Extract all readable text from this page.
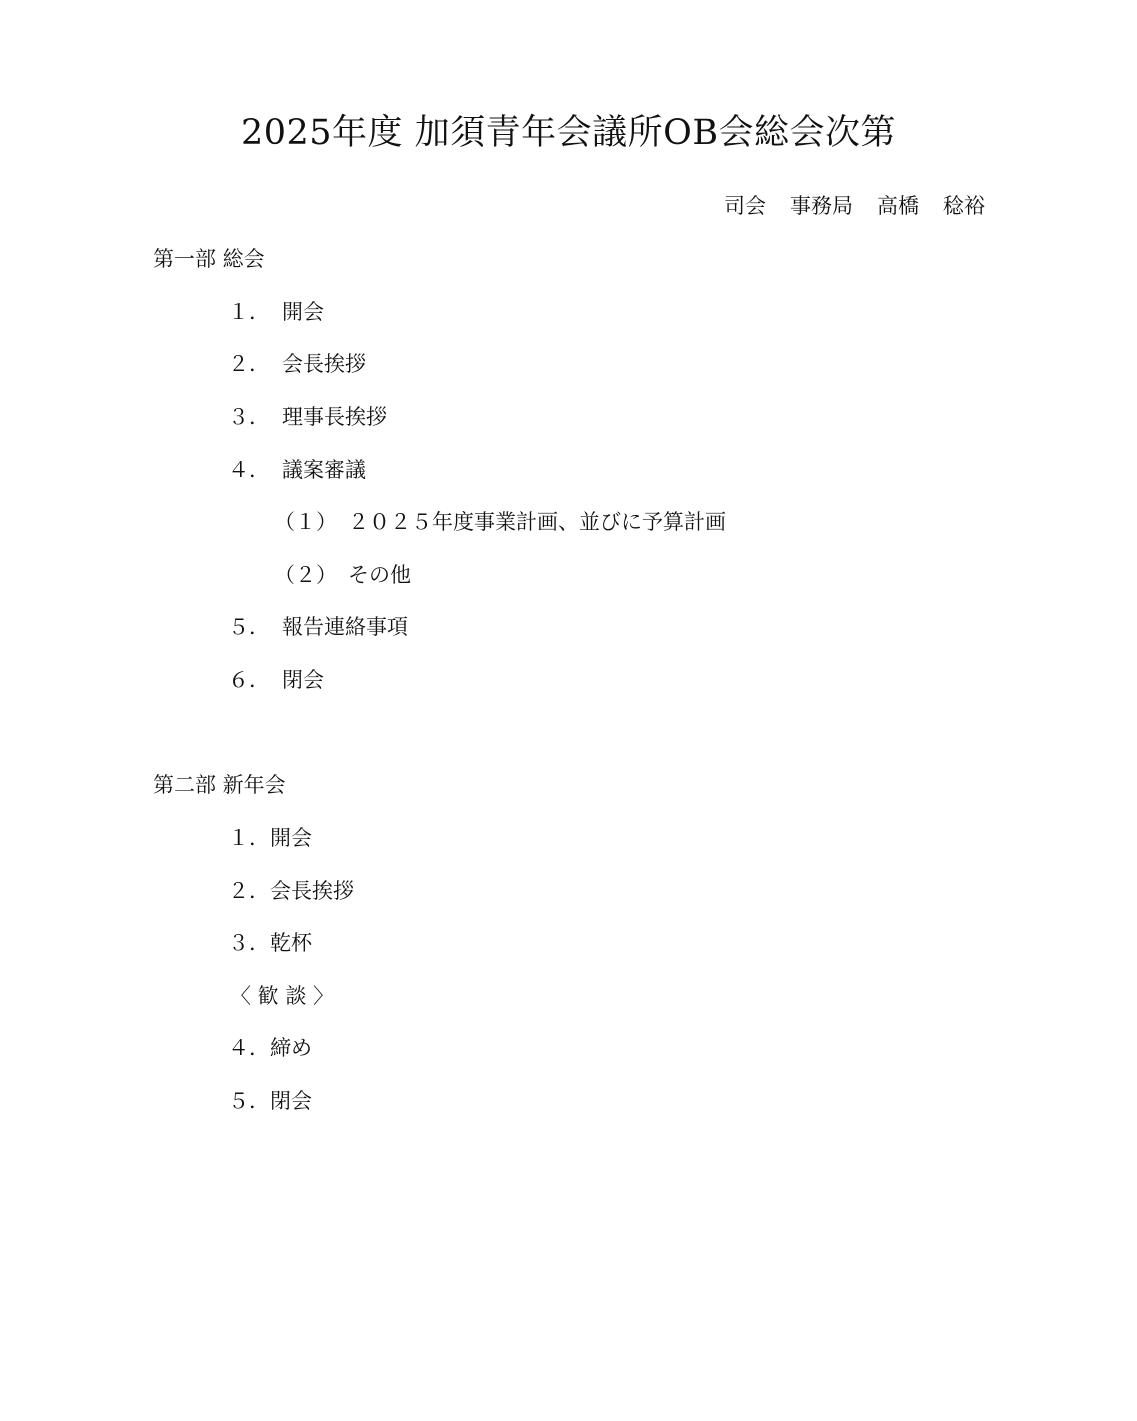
2025年度 加須青年会議所OB会総会次第
司会 事務局 高橋 稔裕
第一部 総会
１． 開会
２． 会長挨拶
３． 理事長挨拶
４． 議案審議
（１） ２０２５年度事業計画、並びに予算計画
（２） その他
５． 報告連絡事項
６． 閉会
第二部 新年会
１．開会
２．会長挨拶
３．乾杯
〈 歓 談 〉
４．締め
５．閉会
